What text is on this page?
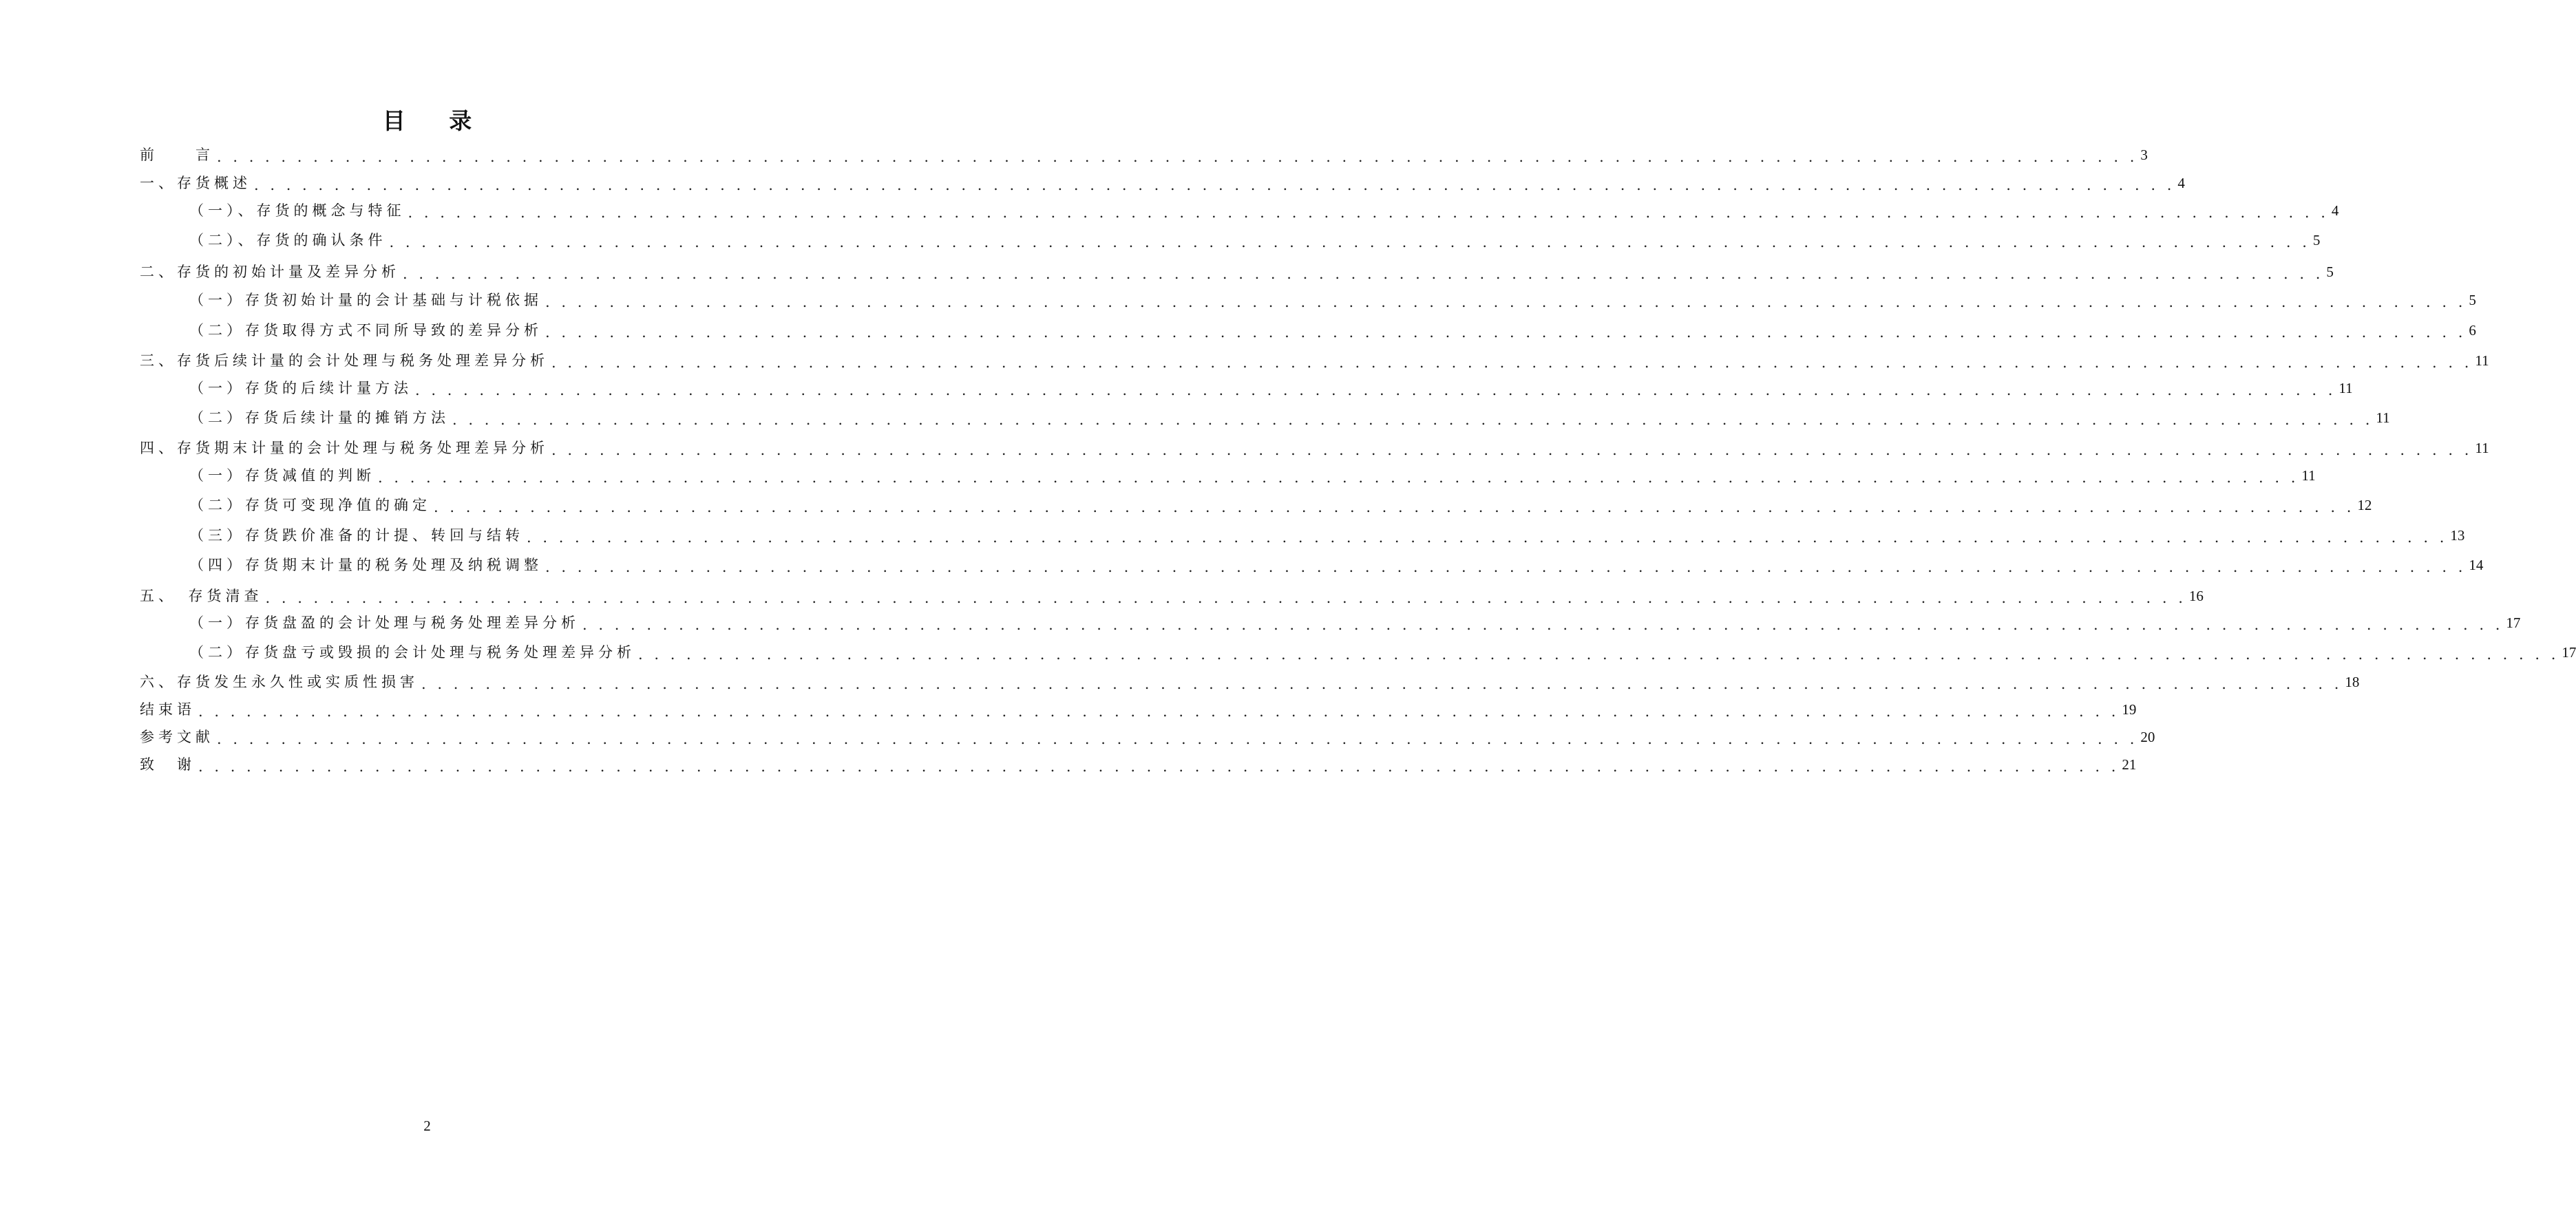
目 录
前　　言 . . . . . . . . . . . . . . . . . . . . . . . . . . . . . . . . . . . . . . . . . . . . . . . . . . . . . . . . . . . . . . . . . . . . . . . . . . . . . . . . . . . . . . . . . . . . . . . . . . . . . . . . . . . . . . . . . . . . . . . . 3
一、存货概述 . . . . . . . . . . . . . . . . . . . . . . . . . . . . . . . . . . . . . . . . . . . . . . . . . . . . . . . . . . . . . . . . . . . . . . . . . . . . . . . . . . . . . . . . . . . . . . . . . . . . . . . . . . . . . . . . . . . . . . . . 4
（一）、存货的概念与特征 . . . . . . . . . . . . . . . . . . . . . . . . . . . . . . . . . . . . . . . . . . . . . . . . . . . . . . . . . . . . . . . . . . . . . . . . . . . . . . . . . . . . . . . . . . . . . . . . . . . . . . . . . . . . . . . . . . . . . . . . 4
（二）、存货的确认条件 . . . . . . . . . . . . . . . . . . . . . . . . . . . . . . . . . . . . . . . . . . . . . . . . . . . . . . . . . . . . . . . . . . . . . . . . . . . . . . . . . . . . . . . . . . . . . . . . . . . . . . . . . . . . . . . . . . . . . . . . 5
二、存货的初始计量及差异分析 . . . . . . . . . . . . . . . . . . . . . . . . . . . . . . . . . . . . . . . . . . . . . . . . . . . . . . . . . . . . . . . . . . . . . . . . . . . . . . . . . . . . . . . . . . . . . . . . . . . . . . . . . . . . . . . . . . . . . . . . 5
（一）存货初始计量的会计基础与计税依据 . . . . . . . . . . . . . . . . . . . . . . . . . . . . . . . . . . . . . . . . . . . . . . . . . . . . . . . . . . . . . . . . . . . . . . . . . . . . . . . . . . . . . . . . . . . . . . . . . . . . . . . . . . . . . . . . . . . . . . . . 5
（二）存货取得方式不同所导致的差异分析 . . . . . . . . . . . . . . . . . . . . . . . . . . . . . . . . . . . . . . . . . . . . . . . . . . . . . . . . . . . . . . . . . . . . . . . . . . . . . . . . . . . . . . . . . . . . . . . . . . . . . . . . . . . . . . . . . . . . . . . . 6
三、存货后续计量的会计处理与税务处理差异分析 . . . . . . . . . . . . . . . . . . . . . . . . . . . . . . . . . . . . . . . . . . . . . . . . . . . . . . . . . . . . . . . . . . . . . . . . . . . . . . . . . . . . . . . . . . . . . . . . . . . . . . . . . . . . . . . . . . . . . . . . 11
（一）存货的后续计量方法 . . . . . . . . . . . . . . . . . . . . . . . . . . . . . . . . . . . . . . . . . . . . . . . . . . . . . . . . . . . . . . . . . . . . . . . . . . . . . . . . . . . . . . . . . . . . . . . . . . . . . . . . . . . . . . . . . . . . . . . . 11
（二）存货后续计量的摊销方法 . . . . . . . . . . . . . . . . . . . . . . . . . . . . . . . . . . . . . . . . . . . . . . . . . . . . . . . . . . . . . . . . . . . . . . . . . . . . . . . . . . . . . . . . . . . . . . . . . . . . . . . . . . . . . . . . . . . . . . . . 11
四、存货期末计量的会计处理与税务处理差异分析 . . . . . . . . . . . . . . . . . . . . . . . . . . . . . . . . . . . . . . . . . . . . . . . . . . . . . . . . . . . . . . . . . . . . . . . . . . . . . . . . . . . . . . . . . . . . . . . . . . . . . . . . . . . . . . . . . . . . . . . . 11
（一）存货减值的判断 . . . . . . . . . . . . . . . . . . . . . . . . . . . . . . . . . . . . . . . . . . . . . . . . . . . . . . . . . . . . . . . . . . . . . . . . . . . . . . . . . . . . . . . . . . . . . . . . . . . . . . . . . . . . . . . . . . . . . . . . 11
（二）存货可变现净值的确定 . . . . . . . . . . . . . . . . . . . . . . . . . . . . . . . . . . . . . . . . . . . . . . . . . . . . . . . . . . . . . . . . . . . . . . . . . . . . . . . . . . . . . . . . . . . . . . . . . . . . . . . . . . . . . . . . . . . . . . . . 12
（三）存货跌价准备的计提、转回与结转 . . . . . . . . . . . . . . . . . . . . . . . . . . . . . . . . . . . . . . . . . . . . . . . . . . . . . . . . . . . . . . . . . . . . . . . . . . . . . . . . . . . . . . . . . . . . . . . . . . . . . . . . . . . . . . . . . . . . . . . . 13
（四）存货期末计量的税务处理及纳税调整 . . . . . . . . . . . . . . . . . . . . . . . . . . . . . . . . . . . . . . . . . . . . . . . . . . . . . . . . . . . . . . . . . . . . . . . . . . . . . . . . . . . . . . . . . . . . . . . . . . . . . . . . . . . . . . . . . . . . . . . . 14
五、　存货清查 . . . . . . . . . . . . . . . . . . . . . . . . . . . . . . . . . . . . . . . . . . . . . . . . . . . . . . . . . . . . . . . . . . . . . . . . . . . . . . . . . . . . . . . . . . . . . . . . . . . . . . . . . . . . . . . . . . . . . . . . 16
（一）存货盘盈的会计处理与税务处理差异分析 . . . . . . . . . . . . . . . . . . . . . . . . . . . . . . . . . . . . . . . . . . . . . . . . . . . . . . . . . . . . . . . . . . . . . . . . . . . . . . . . . . . . . . . . . . . . . . . . . . . . . . . . . . . . . . . . . . . . . . . . 17
（二）存货盘亏或毁损的会计处理与税务处理差异分析 . . . . . . . . . . . . . . . . . . . . . . . . . . . . . . . . . . . . . . . . . . . . . . . . . . . . . . . . . . . . . . . . . . . . . . . . . . . . . . . . . . . . . . . . . . . . . . . . . . . . . . . . . . . . . . . . . . . . . . . . 17
六、存货发生永久性或实质性损害 . . . . . . . . . . . . . . . . . . . . . . . . . . . . . . . . . . . . . . . . . . . . . . . . . . . . . . . . . . . . . . . . . . . . . . . . . . . . . . . . . . . . . . . . . . . . . . . . . . . . . . . . . . . . . . . . . . . . . . . . 18
结束语 . . . . . . . . . . . . . . . . . . . . . . . . . . . . . . . . . . . . . . . . . . . . . . . . . . . . . . . . . . . . . . . . . . . . . . . . . . . . . . . . . . . . . . . . . . . . . . . . . . . . . . . . . . . . . . . . . . . . . . . . 19
参考文献 . . . . . . . . . . . . . . . . . . . . . . . . . . . . . . . . . . . . . . . . . . . . . . . . . . . . . . . . . . . . . . . . . . . . . . . . . . . . . . . . . . . . . . . . . . . . . . . . . . . . . . . . . . . . . . . . . . . . . . . . 20
致　谢 . . . . . . . . . . . . . . . . . . . . . . . . . . . . . . . . . . . . . . . . . . . . . . . . . . . . . . . . . . . . . . . . . . . . . . . . . . . . . . . . . . . . . . . . . . . . . . . . . . . . . . . . . . . . . . . . . . . . . . . . 21
2
